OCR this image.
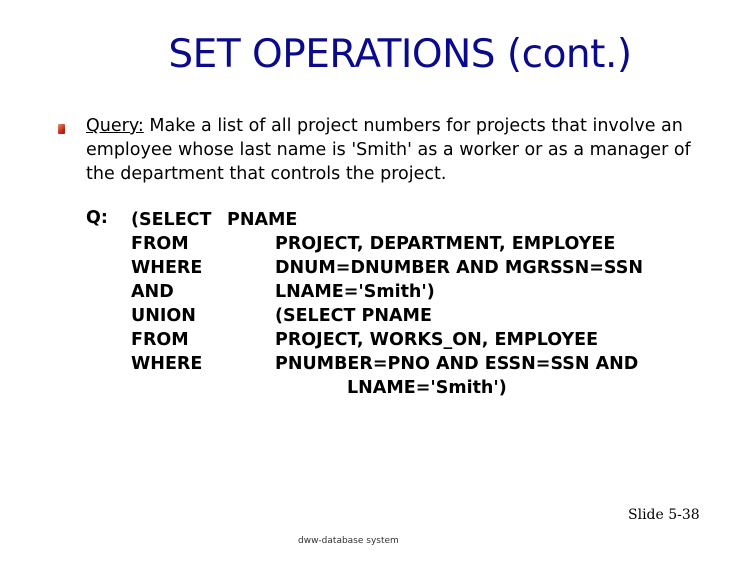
SET OPERATIONS (cont.)
Query: Make a list of all project numbers for projects that involve an
employee whose last name is 'Smith' as a worker or as a manager of
the department that controls the project.
Q: (SELECT PNAME
FROM	PROJECT, DEPARTMENT, EMPLOYEE
WHERE	DNUM=DNUMBER AND MGRSSN=SSN
AND	LNAME='Smith')
UNION	(SELECT PNAME
FROM	PROJECT, WORKS_ON, EMPLOYEE
WHERE	PNUMBER=PNO AND ESSN=SSN AND
LNAME='Smith')
Slide 5-38
dww-database system
